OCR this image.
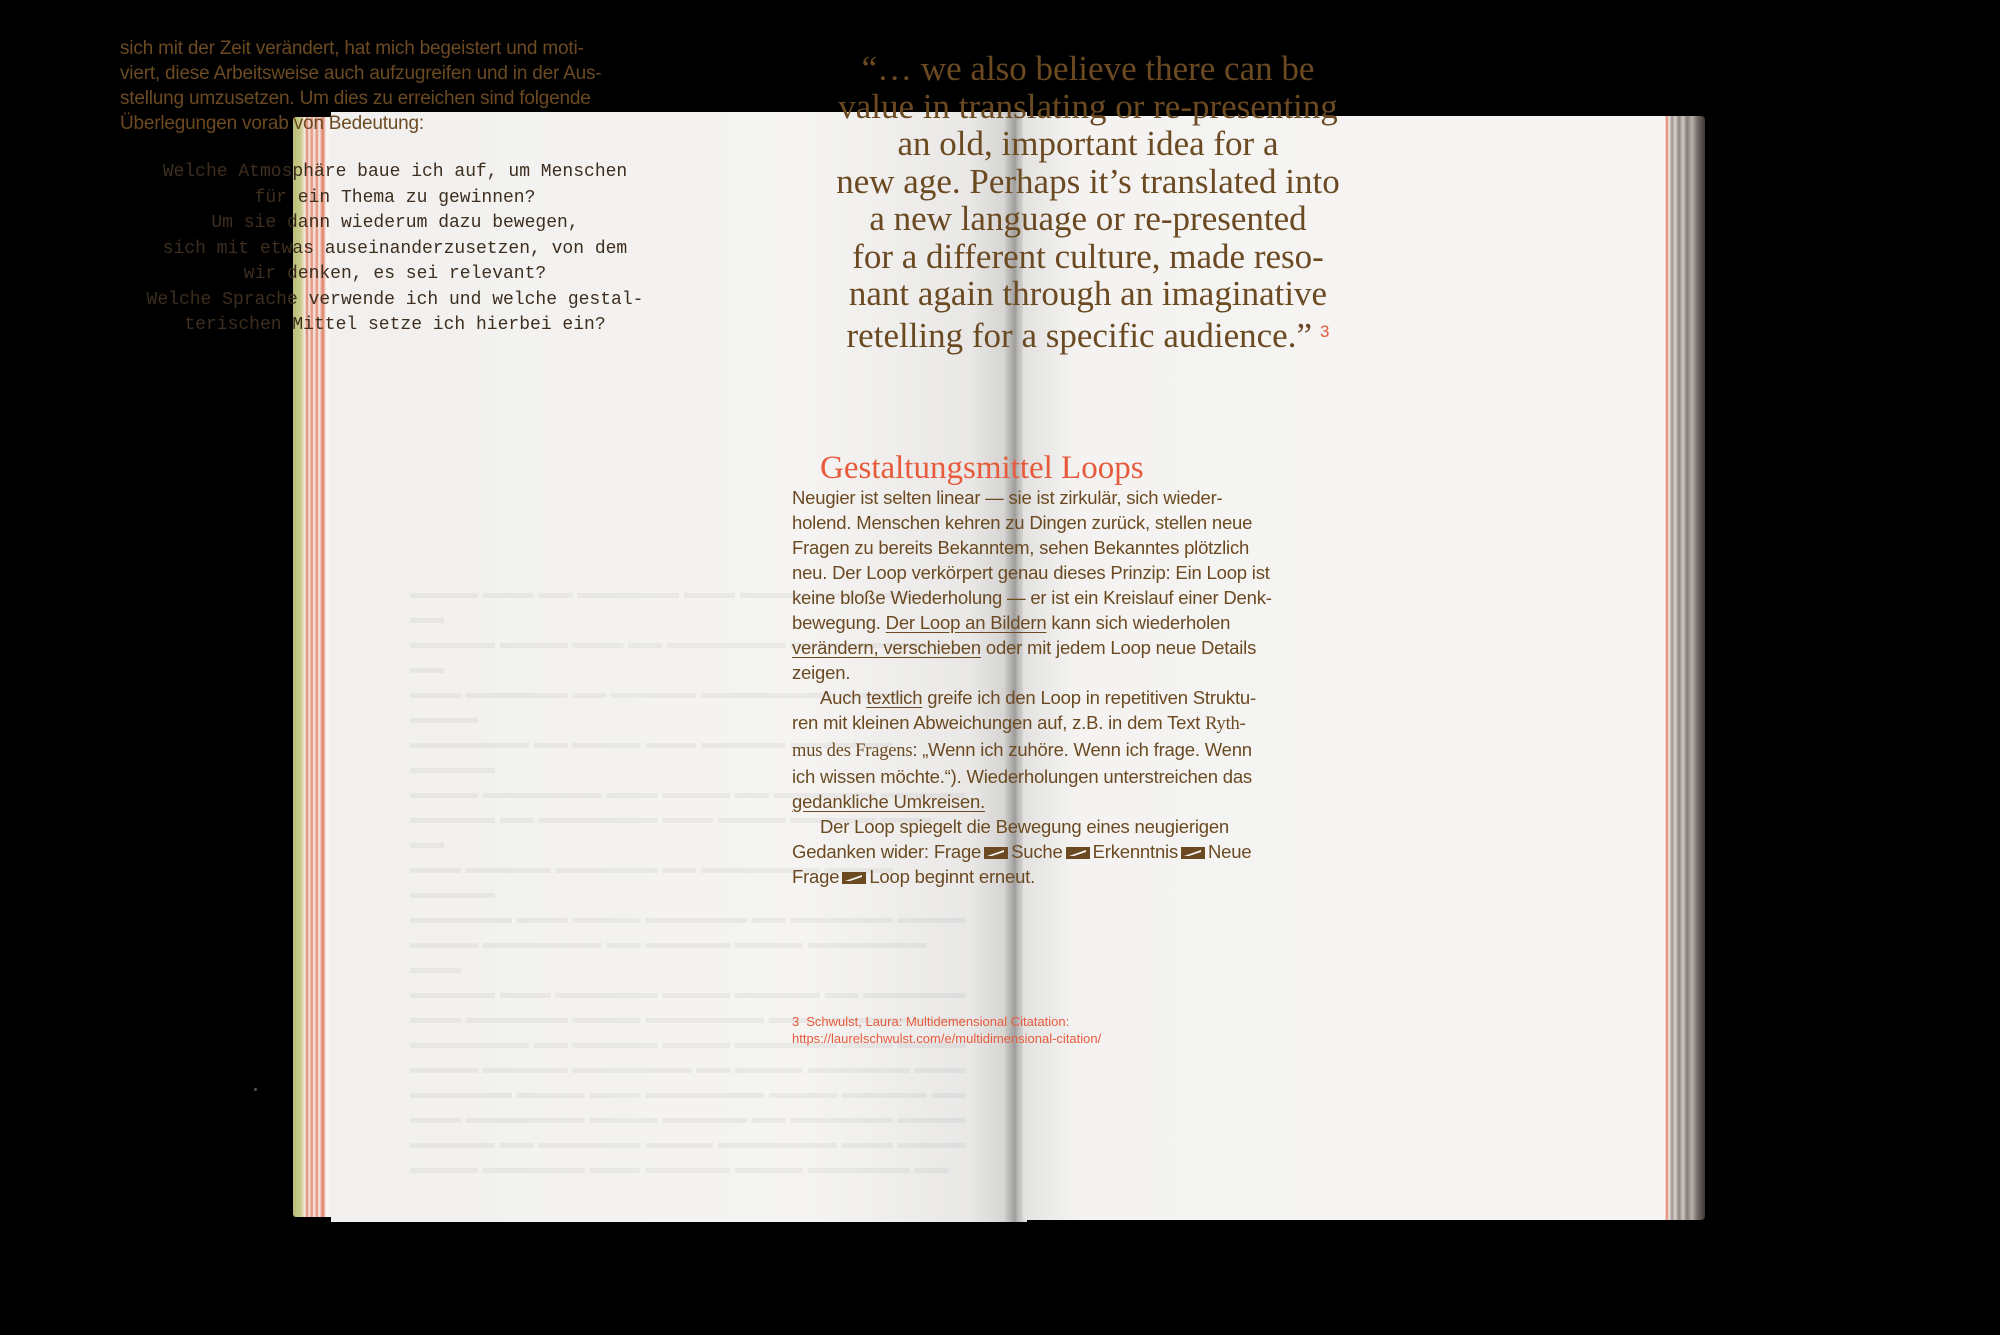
sich mit der Zeit verändert, hat mich begeistert und moti-
viert, diese Arbeitsweise auch aufzugreifen und in der Aus-
stellung umzusetzen. Um dies zu erreichen sind folgende
Überlegungen vorab von Bedeutung:
Welche Atmosphäre baue ich auf, um Menschen
für ein Thema zu gewinnen?
Um sie dann wiederum dazu bewegen,
sich mit etwas auseinanderzusetzen, von dem
wir denken, es sei relevant?
Welche Sprache verwende ich und welche gestal-
terischen Mittel setze ich hierbei ein?
“… we also believe there can be
value in translating or re-presenting
an old, important idea for a
new age. Perhaps it’s translated into
a new language or re-presented
for a different culture, made reso-
nant again through an imaginative
retelling for a specific audience.” $^3$
Gestaltungsmittel Loops
Neugier ist selten linear — sie ist zirkulär, sich wieder-
holend. Menschen kehren zu Dingen zurück, stellen neue
Fragen zu bereits Bekanntem, sehen Bekanntes plötzlich
neu. Der Loop verkörpert genau dieses Prinzip: Ein Loop ist
keine bloße Wiederholung — er ist ein Kreislauf einer Denk-
bewegung. Der Loop an Bildern kann sich wiederholen
verändern, verschieben oder mit jedem Loop neue Details
zeigen.
Auch textlich greife ich den Loop in repetitiven Struktu-
ren mit kleinen Abweichungen auf, z.B. in dem Text Ryth-
mus des Fragens: „Wenn ich zuhöre. Wenn ich frage. Wenn
ich wissen möchte.“). Wiederholungen unterstreichen das
gedankliche Umkreisen.
Der Loop spiegelt die Bewegung eines neugierigen
Gedanken wider: Frage Suche Erkenntnis Neue
Frage Loop beginnt erneut.
3 Schwulst, Laura: Multidemensional Citatation:
https://laurelschwulst.com/e/multidimensional-citation/
